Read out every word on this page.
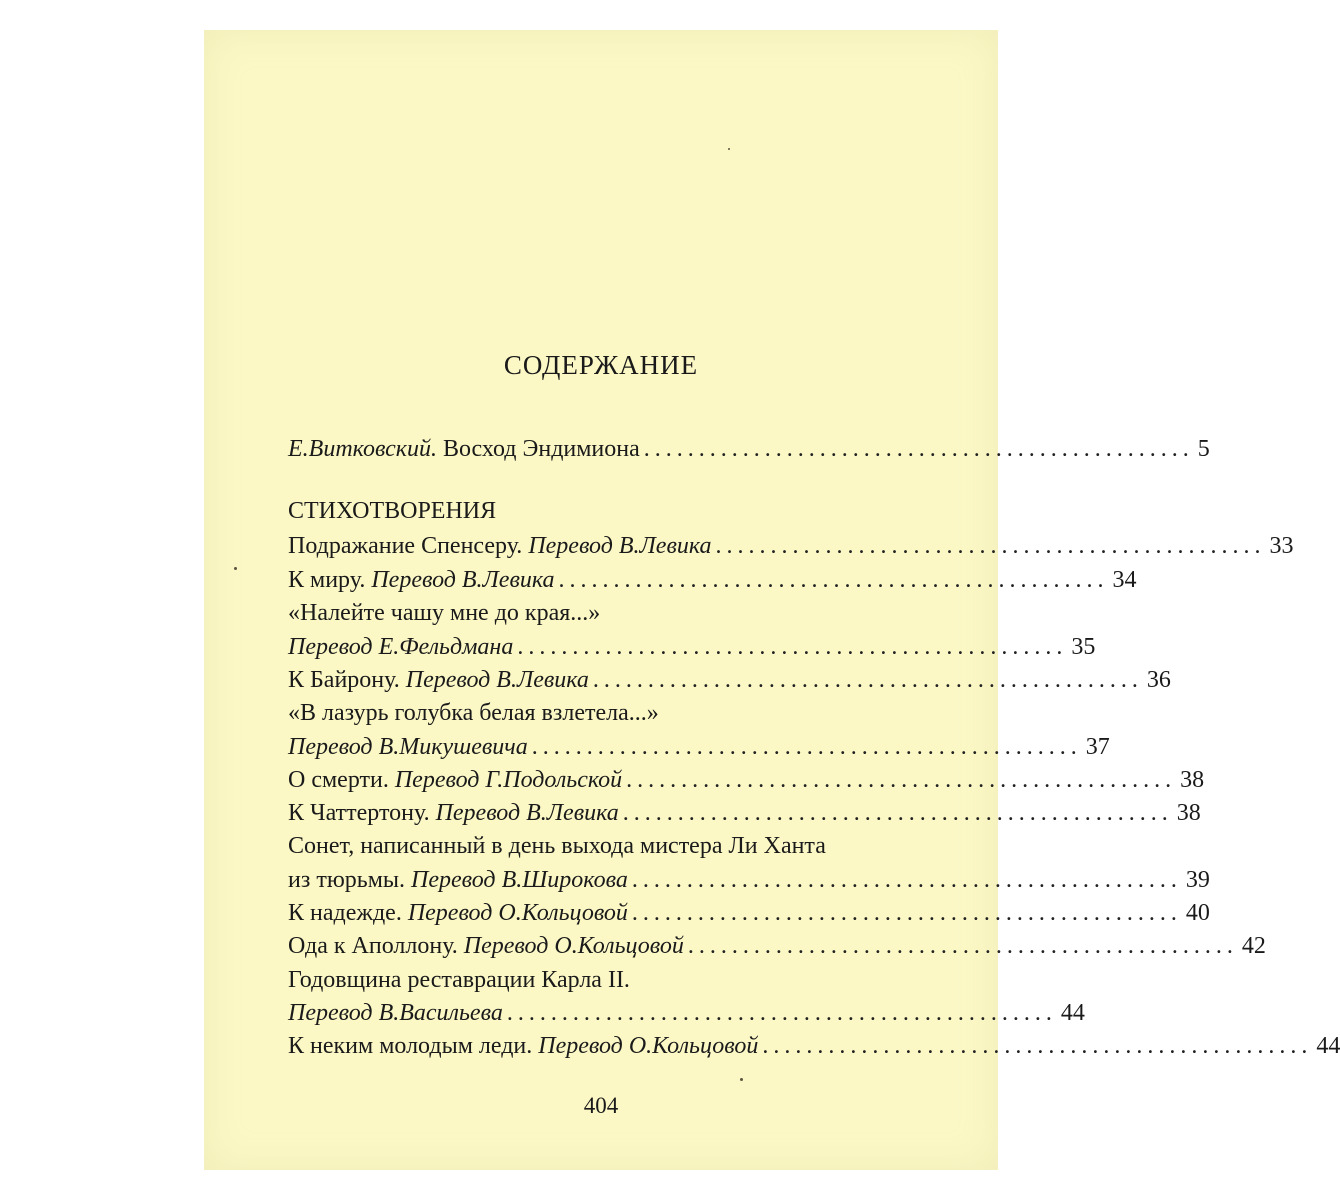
СОДЕРЖАНИЕ
Е.Витковский. Восход Эндимиона .................................................. 5
СТИХОТВОРЕНИЯ
Подражание Спенсеру. Перевод В.Левика .................................................. 33
К миру. Перевод В.Левика .................................................. 34
«Налейте чашу мне до края...»
Перевод Е.Фельдмана .................................................. 35
К Байрону. Перевод В.Левика .................................................. 36
«В лазурь голубка белая взлетела...»
Перевод В.Микушевича .................................................. 37
О смерти. Перевод Г.Подольской .................................................. 38
К Чаттертону. Перевод В.Левика .................................................. 38
Сонет, написанный в день выхода мистера Ли Ханта
из тюрьмы. Перевод В.Широкова .................................................. 39
К надежде. Перевод О.Кольцовой .................................................. 40
Ода к Аполлону. Перевод О.Кольцовой .................................................. 42
Годовщина реставрации Карла II.
Перевод В.Васильева .................................................. 44
К неким молодым леди. Перевод О.Кольцовой .................................................. 44
404
